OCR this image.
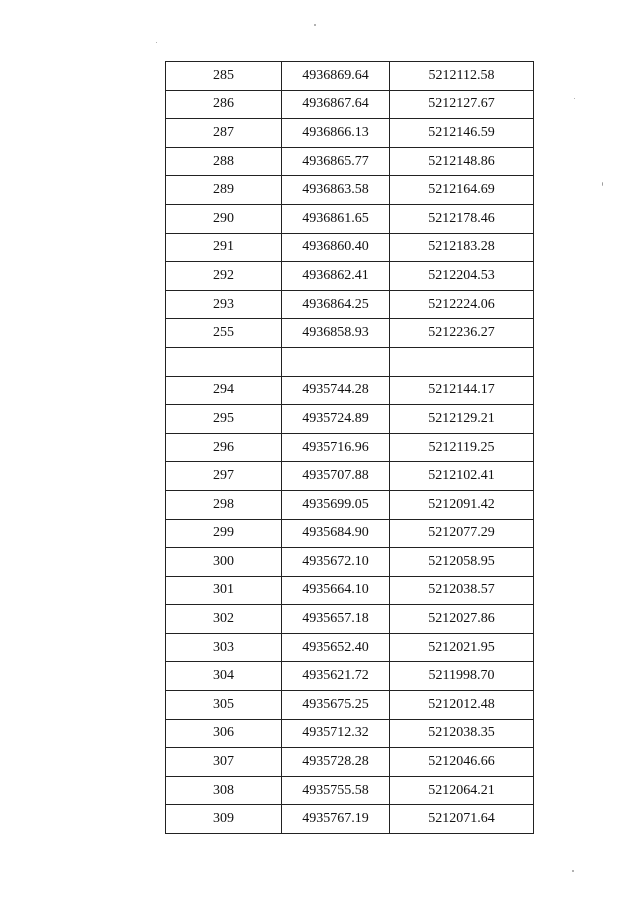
285	4936869.64	5212112.58
286	4936867.64	5212127.67
287	4936866.13	5212146.59
288	4936865.77	5212148.86
289	4936863.58	5212164.69
290	4936861.65	5212178.46
291	4936860.40	5212183.28
292	4936862.41	5212204.53
293	4936864.25	5212224.06
255	4936858.93	5212236.27

294	4935744.28	5212144.17
295	4935724.89	5212129.21
296	4935716.96	5212119.25
297	4935707.88	5212102.41
298	4935699.05	5212091.42
299	4935684.90	5212077.29
300	4935672.10	5212058.95
301	4935664.10	5212038.57
302	4935657.18	5212027.86
303	4935652.40	5212021.95
304	4935621.72	5211998.70
305	4935675.25	5212012.48
306	4935712.32	5212038.35
307	4935728.28	5212046.66
308	4935755.58	5212064.21
309	4935767.19	5212071.64
